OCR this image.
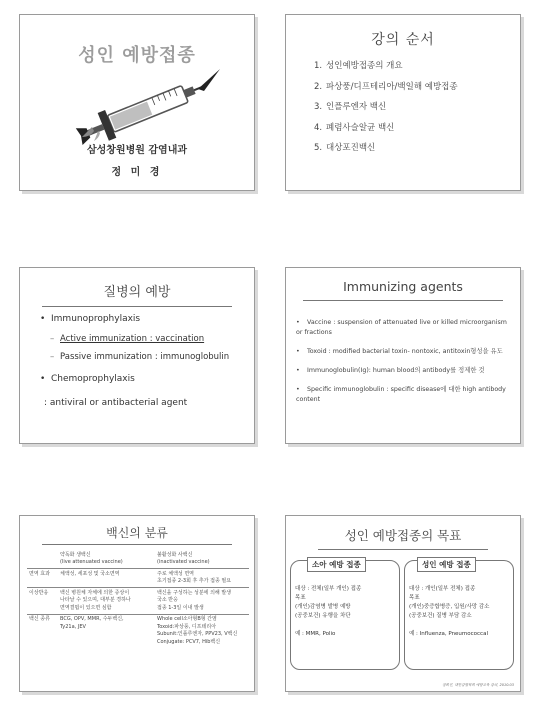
성인 예방접종
삼성창원병원 감염내과
정 미 경
강의 순서
1. 성인예방접종의 개요
2. 파상풍/디프테리아/백일해 예방접종
3. 인플루엔자 백신
4. 폐렴사슬알균 백신
5. 대상포진백신
질병의 예방
• Immunoprophylaxis
– Active immunization : vaccination
– Passive immunization : immunoglobulin
• Chemoprophylaxis
: antiviral or antibacterial agent
Immunizing agents
• Vaccine : suspension of attenuated live or killed microorganism or fractions
• Toxoid : modified bacterial toxin- nontoxic, antitoxin형성을 유도
• Immunoglobulin(Ig): human blood의 antibody를 정제한 것
• Specific immunoglobulin : specific disease에 대한 high antibody content
백신의 분류
	약독화 생백신
(live attenuated vaccine)	불활성화 사백신
(inactivated vaccine)
면역 효과	체액성, 세포성 및 국소면역	주로 체액성 면역
초기접종 2-3회 후 추가 접종 필요
이상반응	백신 병원체 자체에 의한 증상이
나타날 수 있으며, 대부분 경하나
면역결핍이 있으면 심함	백신을 구성하는 성분에 의해 발생
국소 반응
접종 1-3일 이내 발생
백신 종류	BCG, OPV, MMR, 수두백신,
Ty21a, JEV	Whole cell소아형B형 간염
Toxoid:파상풍, 디프테리아
Subunit:인플루엔자, PPV23, V백신
Conjugate: PCV7, Hib백신
성인 예방접종의 목표
소아 예방 접종
대상 : 전체(일부 개인) 접종
목표
(개인)감염병 발병 예방
(공중보건) 유행을 차단
예 : MMR, Polio
성인 예방 접종
대상 : 개인(일부 전체) 접종
목표
(개인)중증합병증, 입원/사망 감소
(공중보건) 질병 부담 감소
예 : Influenza, Pneumococcal
정희진, 대한감염학회 예방교육 강의, 2010.03
